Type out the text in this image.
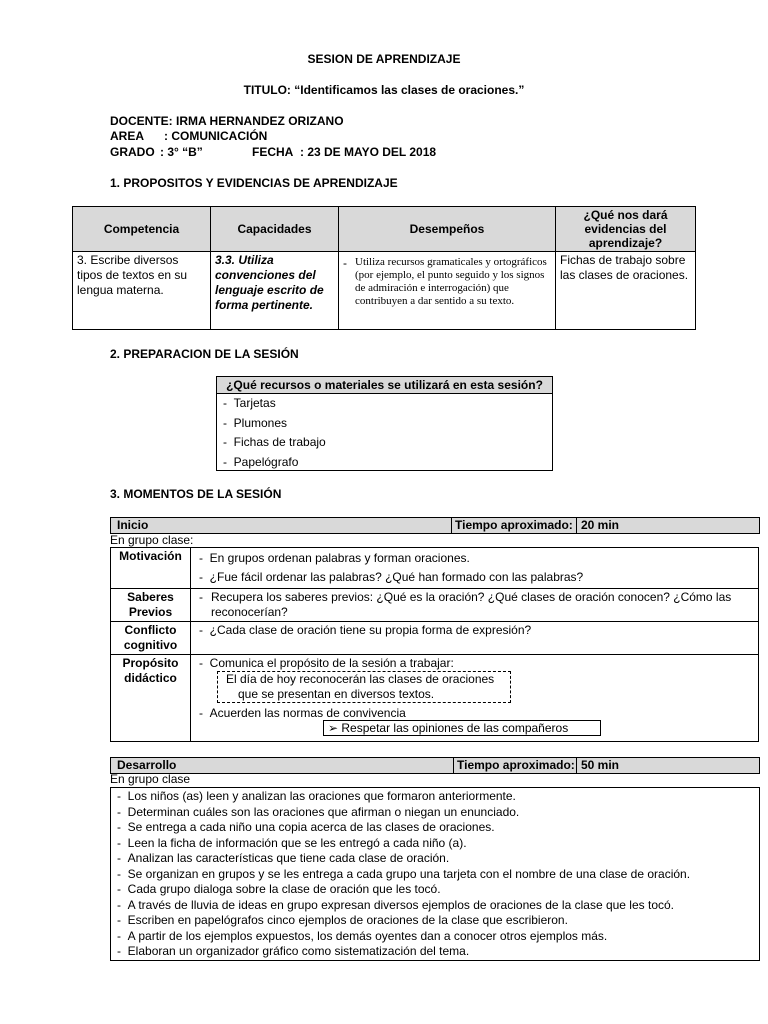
SESION DE APRENDIZAJE
TITULO: “Identificamos las clases de oraciones.”
DOCENTE: IRMA HERNANDEZ ORIZANO
AREA : COMUNICACIÓN
GRADO : 3° “B”	FECHA : 23 DE MAYO DEL 2018
1. PROPOSITOS Y EVIDENCIAS DE APRENDIZAJE
Competencia	Capacidades	Desempeños	¿Qué nos dará evidencias del aprendizaje?
3. Escribe diversos tipos de textos en su lengua materna.	3.3. Utiliza convenciones del lenguaje escrito de forma pertinente.	- Utiliza recursos gramaticales y ortográficos (por ejemplo, el punto seguido y los signos de admiración e interrogación) que contribuyen a dar sentido a su texto.	Fichas de trabajo sobre las clases de oraciones.
2. PREPARACION DE LA SESIÓN
¿Qué recursos o materiales se utilizará en esta sesión?
-  Tarjetas
-  Plumones
-  Fichas de trabajo
-  Papelógrafo
3. MOMENTOS DE LA SESIÓN
Inicio	Tiempo aproximado: 20 min
En grupo clase:
Motivación	-  En grupos ordenan palabras y forman oraciones.
-  ¿Fue fácil ordenar las palabras? ¿Qué han formado con las palabras?

Saberes Previos	- Recupera los saberes previos: ¿Qué es la oración? ¿Qué clases de oración conocen? ¿Cómo las reconocerían?

Conflicto cognitivo	-  ¿Cada clase de oración tiene su propia forma de expresión?

Propósito didáctico	-  Comunica el propósito de la sesión a trabajar:
El día de hoy reconocerán las clases de oraciones
que se presentan en diversos textos.
-  Acuerden las normas de convivencia
➢ Respetar las opiniones de las compañeros
Desarrollo	Tiempo aproximado: 50 min
En grupo clase
-  Los niños (as) leen y analizan las oraciones que formaron anteriormente.
-  Determinan cuáles son las oraciones que afirman o niegan un enunciado.
-  Se entrega a cada niño una copia acerca de las clases de oraciones.
-  Leen la ficha de información que se les entregó a cada niño (a).
-  Analizan las características que tiene cada clase de oración.
-  Se organizan en grupos y se les entrega a cada grupo una tarjeta con el nombre de una clase de oración.
-  Cada grupo dialoga sobre la clase de oración que les tocó.
-  A través de lluvia de ideas en grupo expresan diversos ejemplos de oraciones de la clase que les tocó.
-  Escriben en papelógrafos cinco ejemplos de oraciones de la clase que escribieron.
-  A partir de los ejemplos expuestos, los demás oyentes dan a conocer otros ejemplos más.
-  Elaboran un organizador gráfico como sistematización del tema.
